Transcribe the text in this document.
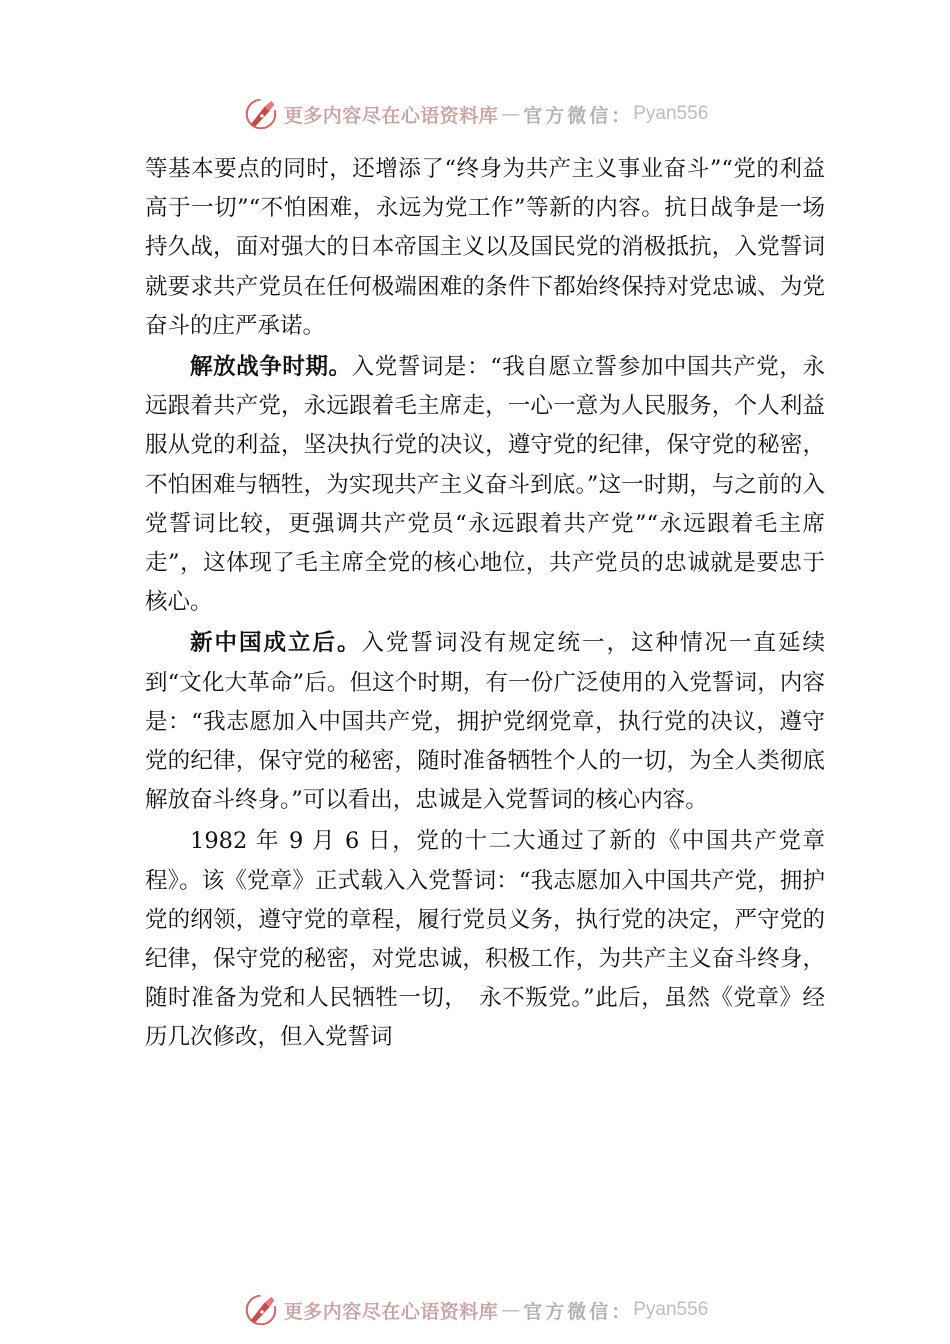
更多内容尽在心语资料库 — 官方微信： Pyan556

等基本要点的同时，还增添了“终身为共产主义事业奋斗”“党的利益高于一切”“不怕困难，永远为党工作”等新的内容。抗日战争是一场持久战，面对强大的日本帝国主义以及国民党的消极抵抗，入党誓词就要求共产党员在任何极端困难的条件下都始终保持对党忠诚、为党奋斗的庄严承诺。

解放战争时期。入党誓词是：“我自愿立誓参加中国共产党，永远跟着共产党，永远跟着毛主席走，一心一意为人民服务，个人利益服从党的利益，坚决执行党的决议，遵守党的纪律，保守党的秘密，不怕困难与牺牲，为实现共产主义奋斗到底。”这一时期，与之前的入党誓词比较，更强调共产党员“永远跟着共产党”“永远跟着毛主席走”，这体现了毛主席全党的核心地位，共产党员的忠诚就是要忠于核心。

新中国成立后。入党誓词没有规定统一，这种情况一直延续到“文化大革命”后。但这个时期，有一份广泛使用的入党誓词，内容是：“我志愿加入中国共产党，拥护党纲党章，执行党的决议，遵守党的纪律，保守党的秘密，随时准备牺牲个人的一切，为全人类彻底解放奋斗终身。”可以看出，忠诚是入党誓词的核心内容。

1982 年 9 月 6 日，党的十二大通过了新的《中国共产党章程》。该《党章》正式载入入党誓词：“我志愿加入中国共产党，拥护党的纲领，遵守党的章程，履行党员义务，执行党的决定，严守党的纪律，保守党的秘密，对党忠诚，积极工作，为共产主义奋斗终身，随时准备为党和人民牺牲一切，　永不叛党。”此后，虽然《党章》经历几次修改，但入党誓词

更多内容尽在心语资料库 — 官方微信： Pyan556
